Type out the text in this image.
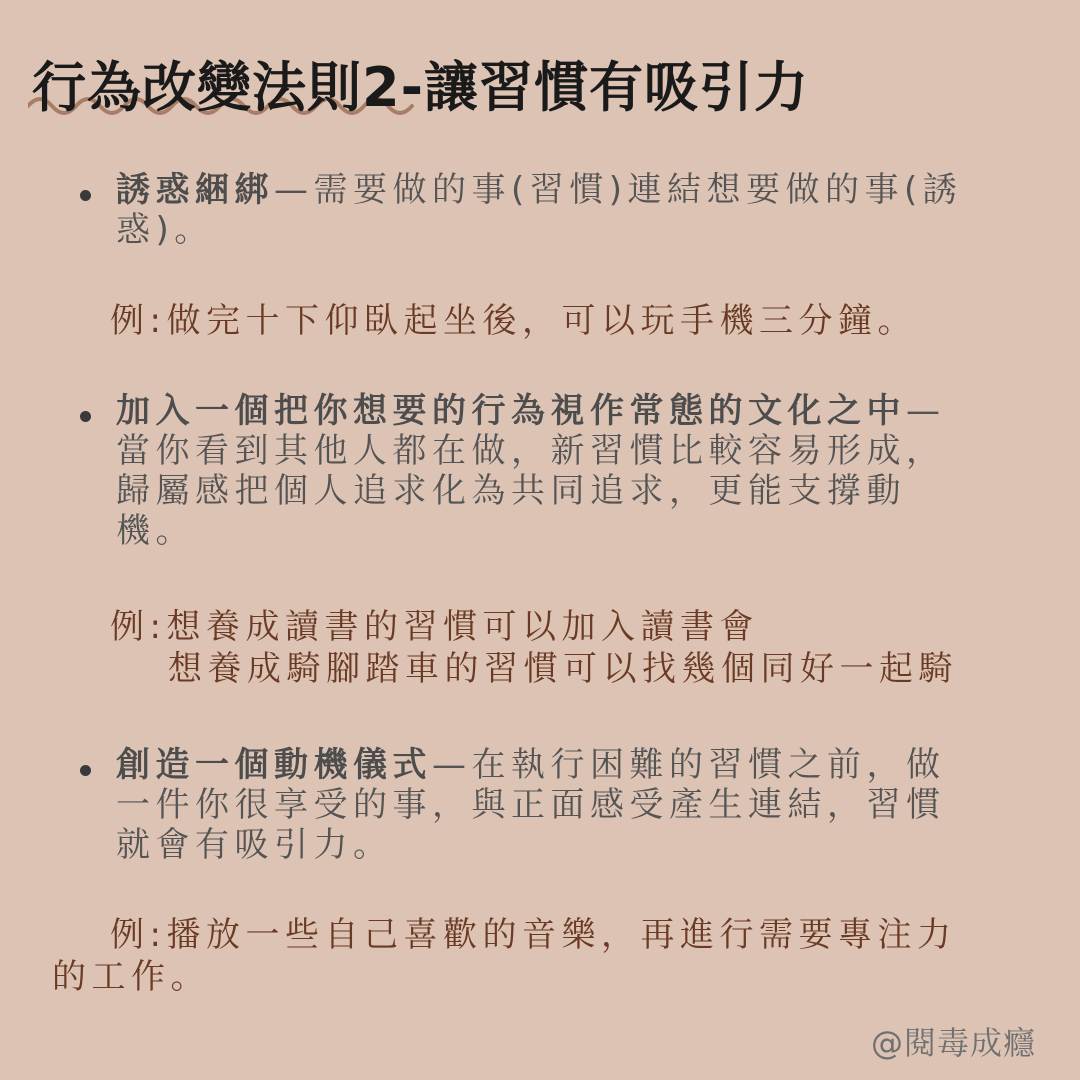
行為改變法則2-讓習慣有吸引力
誘惑綑綁—需要做的事(習慣)連結想要做的事(誘
惑)。
例:做完十下仰臥起坐後，可以玩手機三分鐘。
加入一個把你想要的行為視作常態的文化之中—
當你看到其他人都在做，新習慣比較容易形成，
歸屬感把個人追求化為共同追求，更能支撐動
機。
例:想養成讀書的習慣可以加入讀書會
想養成騎腳踏車的習慣可以找幾個同好一起騎
創造一個動機儀式—在執行困難的習慣之前，做
一件你很享受的事，與正面感受產生連結，習慣
就會有吸引力。
例:播放一些自己喜歡的音樂，再進行需要專注力
的工作。
@閱毒成癮
